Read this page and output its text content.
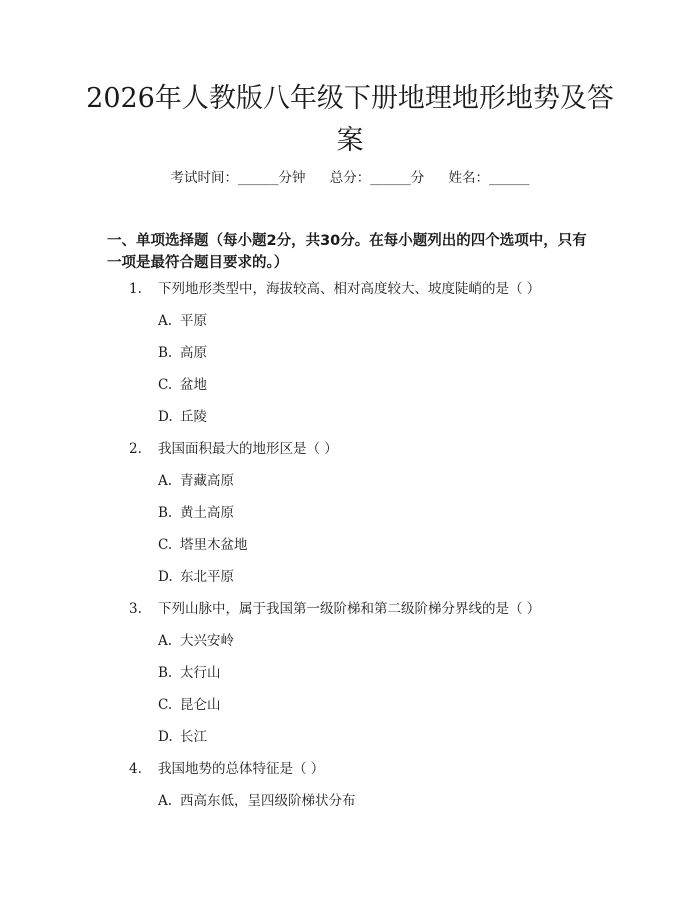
2026年人教版八年级下册地理地形地势及答案
考试时间：______分钟 总分：______分 姓名：______

一、单项选择题（每小题2分，共30分。在每小题列出的四个选项中，只有一项是最符合题目要求的。）

1. 下列地形类型中，海拔较高、相对高度较大、坡度陡峭的是（ ）
A. 平原
B. 高原
C. 盆地
D. 丘陵
2. 我国面积最大的地形区是（ ）
A. 青藏高原
B. 黄土高原
C. 塔里木盆地
D. 东北平原
3. 下列山脉中，属于我国第一级阶梯和第二级阶梯分界线的是（ ）
A. 大兴安岭
B. 太行山
C. 昆仑山
D. 长江
4. 我国地势的总体特征是（ ）
A. 西高东低，呈四级阶梯状分布
